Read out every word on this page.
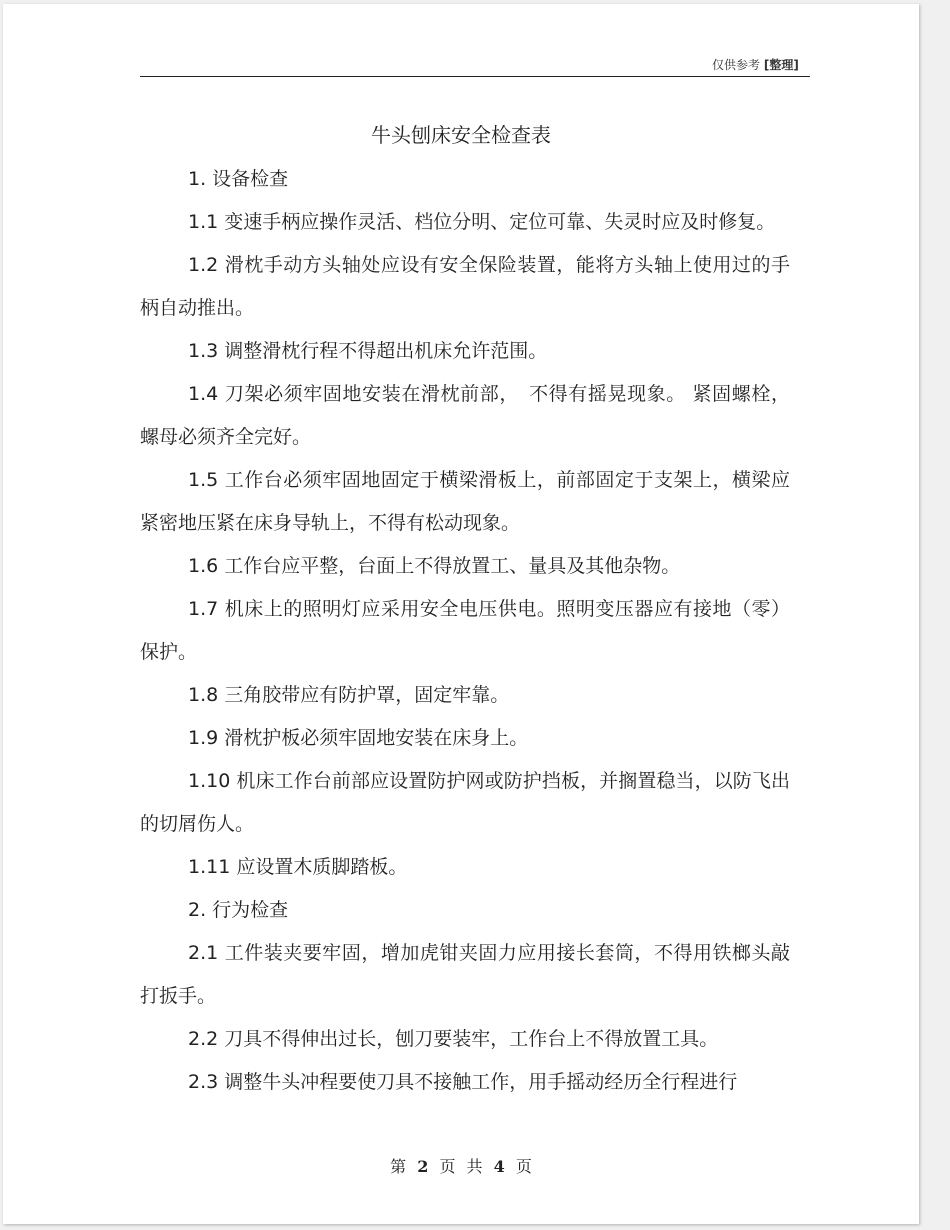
仅供参考 [整理]
牛头刨床安全检查表

1. 设备检查

1.1 变速手柄应操作灵活、档位分明、定位可靠、失灵时应及时修复。

1.2 滑枕手动方头轴处应设有安全保险装置，能将方头轴上使用过的手柄自动推出。

1.3 调整滑枕行程不得超出机床允许范围。

1.4 刀架必须牢固地安装在滑枕前部，　不得有摇晃现象。 紧固螺栓，螺母必须齐全完好。

1.5 工作台必须牢固地固定于横梁滑板上，前部固定于支架上，横梁应紧密地压紧在床身导轨上，不得有松动现象。

1.6 工作台应平整，台面上不得放置工、量具及其他杂物。

1.7 机床上的照明灯应采用安全电压供电。照明变压器应有接地（零）保护。

1.8 三角胶带应有防护罩，固定牢靠。

1.9 滑枕护板必须牢固地安装在床身上。

1.10 机床工作台前部应设置防护网或防护挡板，并搁置稳当，以防飞出的切屑伤人。

1.11 应设置木质脚踏板。

2. 行为检查

2.1 工件装夹要牢固，增加虎钳夹固力应用接长套筒，不得用铁榔头敲打扳手。

2.2 刀具不得伸出过长，刨刀要装牢，工作台上不得放置工具。

2.3 调整牛头冲程要使刀具不接触工作，用手摇动经历全行程进行

第 2 页 共 4 页
